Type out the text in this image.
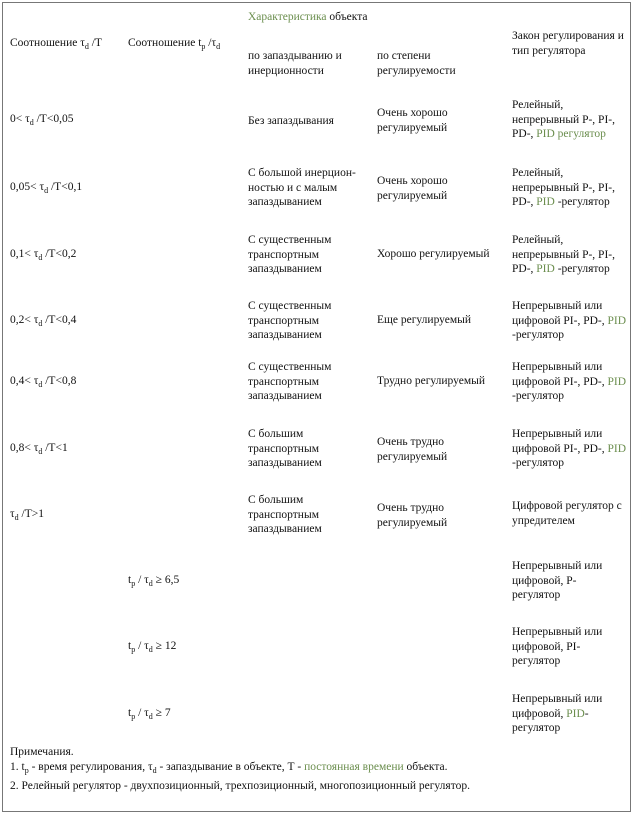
Характеристика объекта
Соотношение $\tau_d$ /T	Соотношение $t_р$ $/\tau_d$
по запаздыванию и инерционности
по степени регулируемости
Закон регулирования и тип регулятора
$0< \tau_d$ /T<0,05	Без запаздывания
Очень хорошо регулируемый
Релейный, непрерывный Р-, PI-, PD-, PID регулятор
$0,05< \tau_d$ /T<0,1
С большой инерцион-ностью и с малым запаздыванием
Очень хорошо регулируемый
Релейный, непрерывный Р-, PI-, PD-, PID -регулятор
$0,1< \tau_d$ /T<0,2
С существенным транспортным запаздыванием
Хорошо регулируемый
Релейный, непрерывный Р-, PI-, PD-, PID -регулятор
$0,2< \tau_d$ /T<0,4
С существенным транспортным запаздыванием
Еще регулируемый
Непрерывный или цифровой PI-, PD-, PID -регулятор
$0,4< \tau_d$ /T<0,8
С существенным транспортным запаздыванием
Трудно регулируемый
Непрерывный или цифровой PI-, PD-, PID -регулятор
$0,8< \tau_d$ /T<1
С большим транспортным запаздыванием
Очень трудно регулируемый
Непрерывный или цифровой PI-, PD-, PID -регулятор
$\tau_d$ /T>1
С большим транспортным запаздыванием
Очень трудно регулируемый
Цифровой регулятор с упредителем
$t_р / \tau_d \ge 6,5$
Непрерывный или цифровой, Р-регулятор
$t_р / \tau_d \ge 12$
Непрерывный или цифровой, PI-регулятор
$t_р / \tau_d \ge 7$
Непрерывный или цифровой, PID-регулятор
Примечания.
1. $t_р$ - время регулирования, $\tau_d$ - запаздывание в объекте, Т - постоянная времени объекта.
2. Релейный регулятор - двухпозиционный, трехпозиционный, многопозиционный регулятор.
